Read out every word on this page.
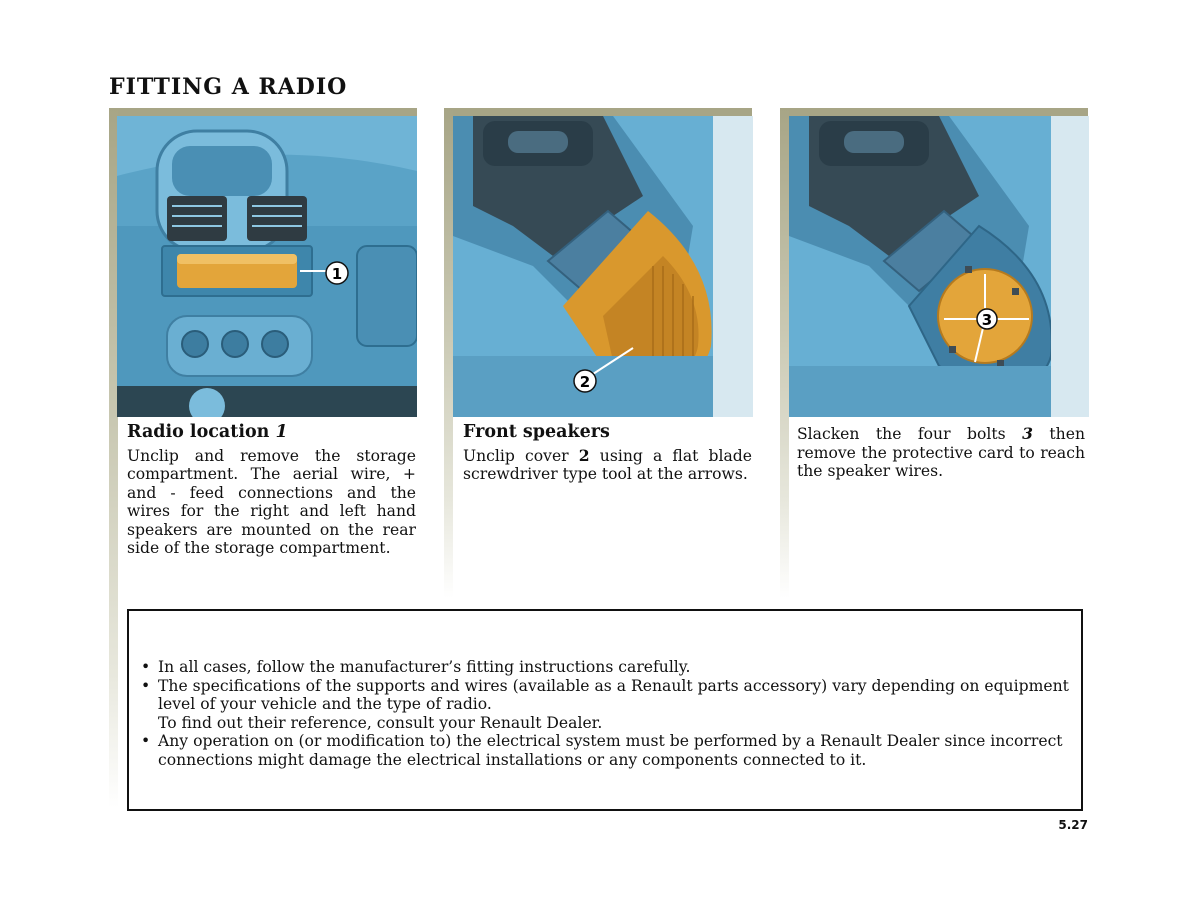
FITTING A RADIO
1
2
3
Radio location 1

Unclip and remove the storage compartment. The aerial wire, + and - feed connections and the wires for the right and left hand speakers are mounted on the rear side of the storage compartment.

Front speakers

Unclip cover 2 using a flat blade screwdriver type tool at the arrows.

Slacken the four bolts 3 then remove the protective card to reach the speaker wires.

• In all cases, follow the manufacturer’s fitting instructions carefully.
• The specifications of the supports and wires (available as a Renault parts accessory) vary depending on equipment level of your vehicle and the type of radio.
To find out their reference, consult your Renault Dealer.
• Any operation on (or modification to) the electrical system must be performed by a Renault Dealer since incorrect connections might damage the electrical installations or any components connected to it.
5.27
